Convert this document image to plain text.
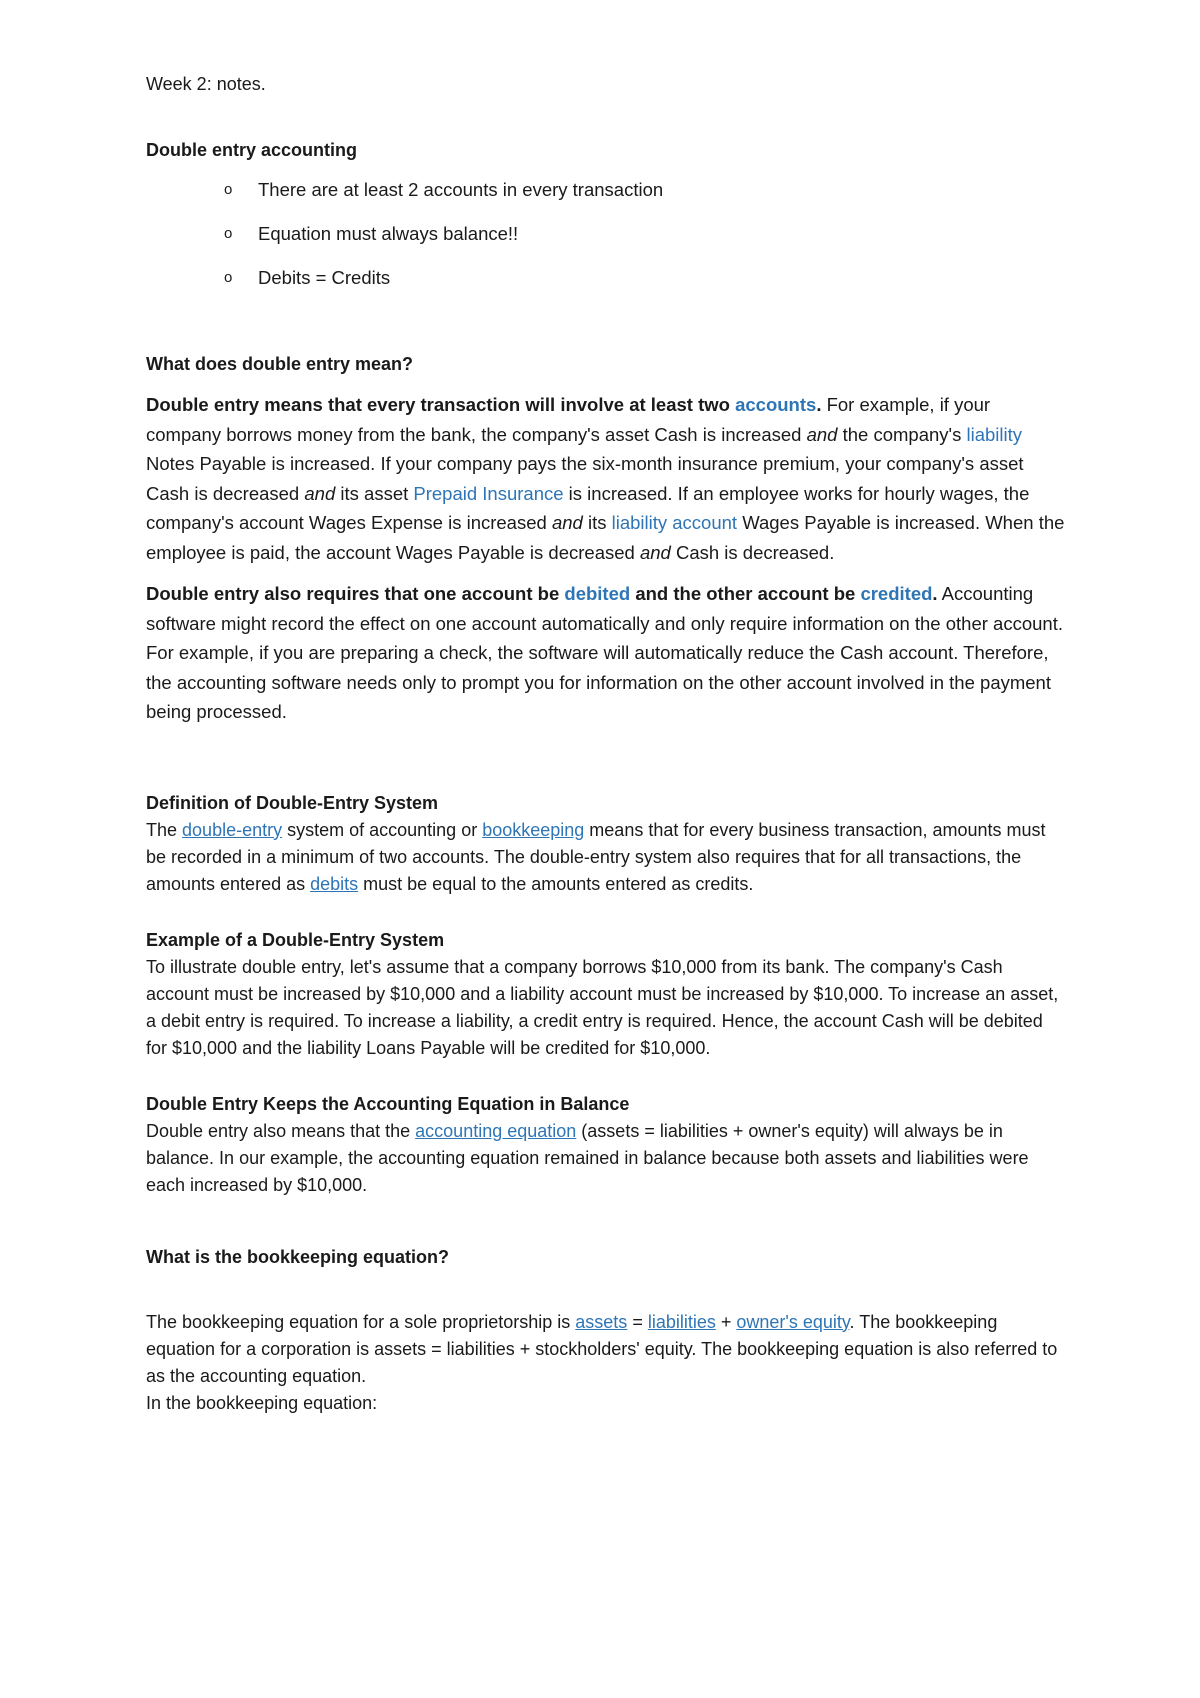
Week 2: notes.

Double entry accounting

o There are at least 2 accounts in every transaction
o Equation must always balance!!
o Debits = Credits

What does double entry mean?

Double entry means that every transaction will involve at least two accounts. For example, if your company borrows money from the bank, the company's asset Cash is increased and the company's liability Notes Payable is increased. If your company pays the six-month insurance premium, your company's asset Cash is decreased and its asset Prepaid Insurance is increased. If an employee works for hourly wages, the company's account Wages Expense is increased and its liability account Wages Payable is increased. When the employee is paid, the account Wages Payable is decreased and Cash is decreased.

Double entry also requires that one account be debited and the other account be credited. Accounting software might record the effect on one account automatically and only require information on the other account. For example, if you are preparing a check, the software will automatically reduce the Cash account. Therefore, the accounting software needs only to prompt you for information on the other account involved in the payment being processed.

Definition of Double-Entry System

The double-entry system of accounting or bookkeeping means that for every business transaction, amounts must be recorded in a minimum of two accounts. The double-entry system also requires that for all transactions, the amounts entered as debits must be equal to the amounts entered as credits.

Example of a Double-Entry System

To illustrate double entry, let's assume that a company borrows $10,000 from its bank. The company's Cash account must be increased by $10,000 and a liability account must be increased by $10,000. To increase an asset, a debit entry is required. To increase a liability, a credit entry is required. Hence, the account Cash will be debited for $10,000 and the liability Loans Payable will be credited for $10,000.

Double Entry Keeps the Accounting Equation in Balance

Double entry also means that the accounting equation (assets = liabilities + owner's equity) will always be in balance. In our example, the accounting equation remained in balance because both assets and liabilities were each increased by $10,000.

What is the bookkeeping equation?

The bookkeeping equation for a sole proprietorship is assets = liabilities + owner's equity. The bookkeeping equation for a corporation is assets = liabilities + stockholders' equity. The bookkeeping equation is also referred to as the accounting equation.

In the bookkeeping equation:
